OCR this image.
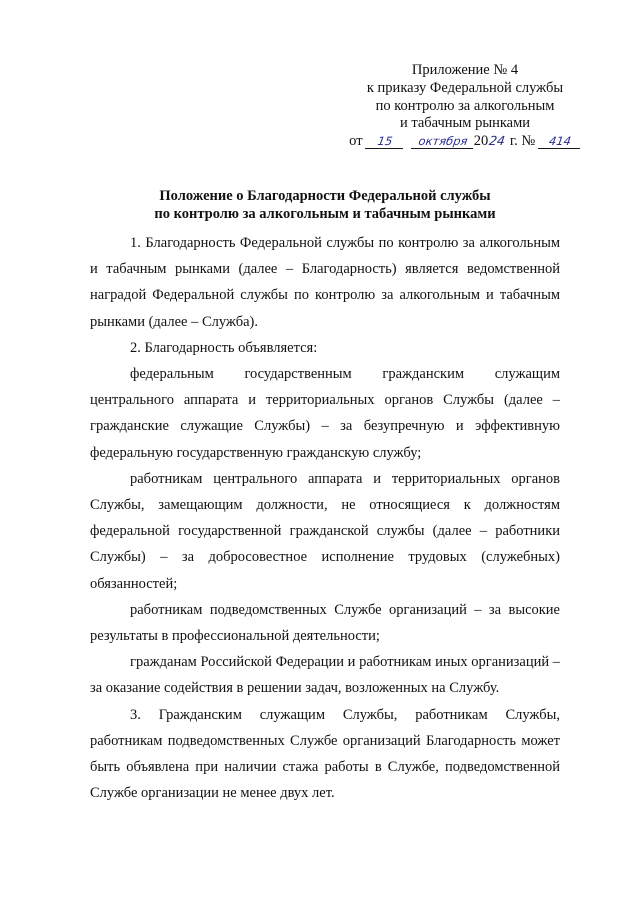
Приложение № 4
к приказу Федеральной службы
по контролю за алкогольным
и табачным рынками
от 15 октября 2024 г. № 414
Положение о Благодарности Федеральной службы
по контролю за алкогольным и табачным рынками

1. Благодарность Федеральной службы по контролю за алкогольным и табачным рынками (далее – Благодарность) является ведомственной наградой Федеральной службы по контролю за алкогольным и табачным рынками (далее – Служба).

2. Благодарность объявляется:

федеральным государственным гражданским служащим центрального аппарата и территориальных органов Службы (далее – гражданские служащие Службы) – за безупречную и эффективную федеральную государственную гражданскую службу;

работникам центрального аппарата и территориальных органов Службы, замещающим должности, не относящиеся к должностям федеральной государственной гражданской службы (далее – работники Службы) – за добросовестное исполнение трудовых (служебных) обязанностей;

работникам подведомственных Службе организаций – за высокие результаты в профессиональной деятельности;

гражданам Российской Федерации и работникам иных организаций – за оказание содействия в решении задач, возложенных на Службу.

3. Гражданским служащим Службы, работникам Службы, работникам подведомственных Службе организаций Благодарность может быть объявлена при наличии стажа работы в Службе, подведомственной Службе организации не менее двух лет.
